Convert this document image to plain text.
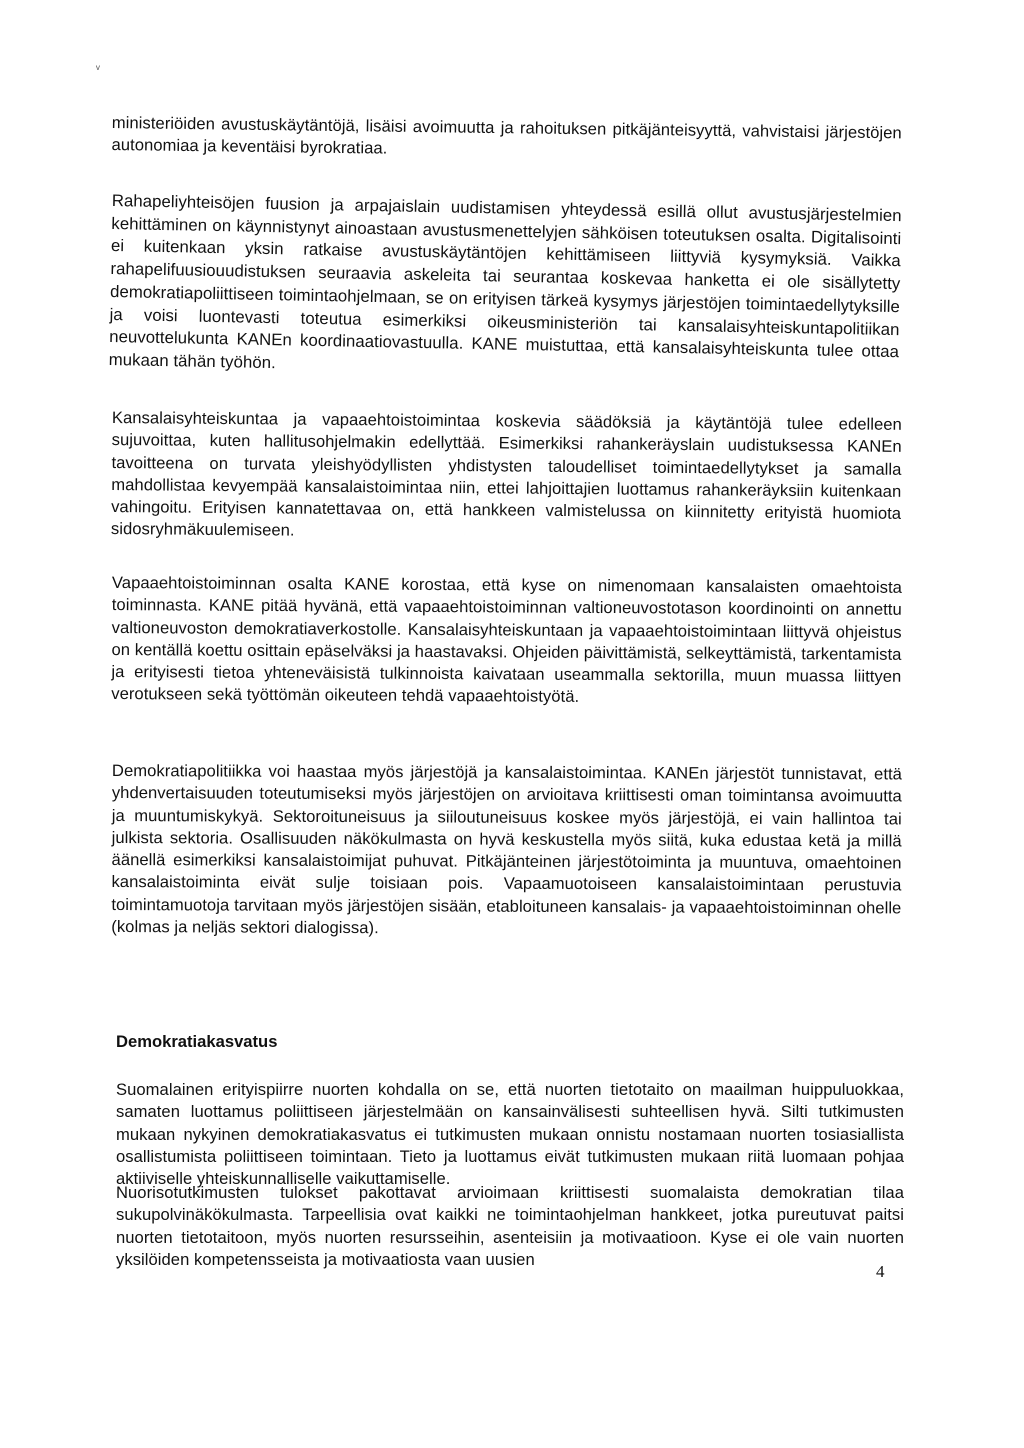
ᵛ

ministeriöiden avustuskäytäntöjä, lisäisi avoimuutta ja rahoituksen pitkäjänteisyyttä, vahvistaisi järjestöjen autonomiaa ja keventäisi byrokratiaa.

Rahapeliyhteisöjen fuusion ja arpajaislain uudistamisen yhteydessä esillä ollut avustusjärjestelmien kehittäminen on käynnistynyt ainoastaan avustusmenettelyjen sähköisen toteutuksen osalta. Digitalisointi ei kuitenkaan yksin ratkaise avustuskäytäntöjen kehittämiseen liittyviä kysymyksiä. Vaikka rahapelifuusiouudistuksen seuraavia askeleita tai seurantaa koskevaa hanketta ei ole sisällytetty demokratiapoliittiseen toimintaohjelmaan, se on erityisen tärkeä kysymys järjestöjen toimintaedellytyksille ja voisi luontevasti toteutua esimerkiksi oikeusministeriön tai kansalaisyhteiskuntapolitiikan neuvottelukunta KANEn koordinaatiovastuulla. KANE muistuttaa, että kansalaisyhteiskunta tulee ottaa mukaan tähän työhön.

Kansalaisyhteiskuntaa ja vapaaehtoistoimintaa koskevia säädöksiä ja käytäntöjä tulee edelleen sujuvoittaa, kuten hallitusohjelmakin edellyttää. Esimerkiksi rahankeräyslain uudistuksessa KANEn tavoitteena on turvata yleishyödyllisten yhdistysten taloudelliset toimintaedellytykset ja samalla mahdollistaa kevyempää kansalaistoimintaa niin, ettei lahjoittajien luottamus rahankeräyksiin kuitenkaan vahingoitu. Erityisen kannatettavaa on, että hankkeen valmistelussa on kiinnitetty erityistä huomiota sidosryhmäkuulemiseen.

Vapaaehtoistoiminnan osalta KANE korostaa, että kyse on nimenomaan kansalaisten omaehtoista toiminnasta. KANE pitää hyvänä, että vapaaehtoistoiminnan valtioneuvostotason koordinointi on annettu valtioneuvoston demokratiaverkostolle. Kansalaisyhteiskuntaan ja vapaaehtoistoimintaan liittyvä ohjeistus on kentällä koettu osittain epäselväksi ja haastavaksi. Ohjeiden päivittämistä, selkeyttämistä, tarkentamista ja erityisesti tietoa yhteneväisistä tulkinnoista kaivataan useammalla sektorilla, muun muassa liittyen verotukseen sekä työttömän oikeuteen tehdä vapaaehtoistyötä.

Demokratiapolitiikka voi haastaa myös järjestöjä ja kansalaistoimintaa. KANEn järjestöt tunnistavat, että yhdenvertaisuuden toteutumiseksi myös järjestöjen on arvioitava kriittisesti oman toimintansa avoimuutta ja muuntumiskykyä. Sektoroituneisuus ja siiloutuneisuus koskee myös järjestöjä, ei vain hallintoa tai julkista sektoria. Osallisuuden näkökulmasta on hyvä keskustella myös siitä, kuka edustaa ketä ja millä äänellä esimerkiksi kansalaistoimijat puhuvat. Pitkäjänteinen järjestötoiminta ja muuntuva, omaehtoinen kansalaistoiminta eivät sulje toisiaan pois. Vapaamuotoiseen kansalaistoimintaan perustuvia toimintamuotoja tarvitaan myös järjestöjen sisään, etabloituneen kansalais- ja vapaaehtoistoiminnan ohelle (kolmas ja neljäs sektori dialogissa).

Demokratiakasvatus

Suomalainen erityispiirre nuorten kohdalla on se, että nuorten tietotaito on maailman huippuluokkaa, samaten luottamus poliittiseen järjestelmään on kansainvälisesti suhteellisen hyvä. Silti tutkimusten mukaan nykyinen demokratiakasvatus ei tutkimusten mukaan onnistu nostamaan nuorten tosiasiallista osallistumista poliittiseen toimintaan. Tieto ja luottamus eivät tutkimusten mukaan riitä luomaan pohjaa aktiiviselle yhteiskunnalliselle vaikuttamiselle.

Nuorisotutkimusten tulokset pakottavat arvioimaan kriittisesti suomalaista demokratian tilaa sukupolvinäkökulmasta. Tarpeellisia ovat kaikki ne toimintaohjelman hankkeet, jotka pureutuvat paitsi nuorten tietotaitoon, myös nuorten resursseihin, asenteisiin ja motivaatioon. Kyse ei ole vain nuorten yksilöiden kompetensseista ja motivaatiosta vaan uusien

4
